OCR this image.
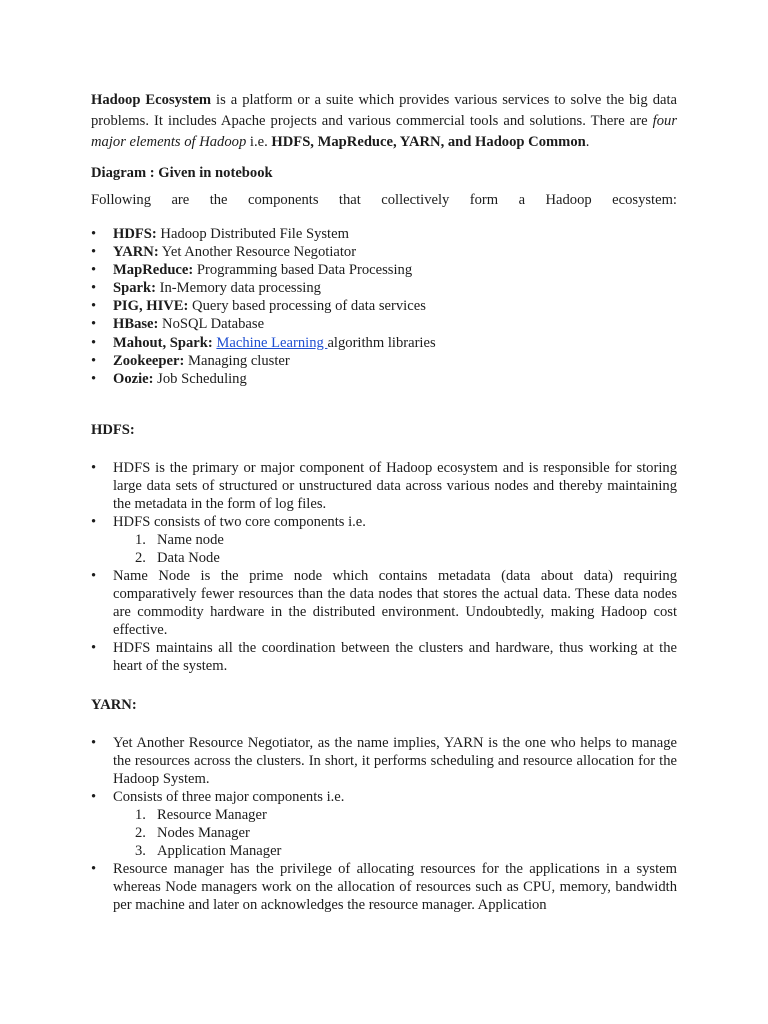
Hadoop Ecosystem is a platform or a suite which provides various services to solve the big data problems. It includes Apache projects and various commercial tools and solutions. There are four major elements of Hadoop i.e. HDFS, MapReduce, YARN, and Hadoop Common.

Diagram : Given in notebook

Following are the components that collectively form a Hadoop ecosystem:

• HDFS: Hadoop Distributed File System
• YARN: Yet Another Resource Negotiator
• MapReduce: Programming based Data Processing
• Spark: In-Memory data processing
• PIG, HIVE: Query based processing of data services
• HBase: NoSQL Database
• Mahout, Spark: Machine Learning algorithm libraries
• Zookeeper: Managing cluster
• Oozie: Job Scheduling

HDFS:

• HDFS is the primary or major component of Hadoop ecosystem and is responsible for storing large data sets of structured or unstructured data across various nodes and thereby maintaining the metadata in the form of log files.
• HDFS consists of two core components i.e.
1. Name node
2. Data Node
• Name Node is the prime node which contains metadata (data about data) requiring comparatively fewer resources than the data nodes that stores the actual data. These data nodes are commodity hardware in the distributed environment. Undoubtedly, making Hadoop cost effective.
• HDFS maintains all the coordination between the clusters and hardware, thus working at the heart of the system.

YARN:

• Yet Another Resource Negotiator, as the name implies, YARN is the one who helps to manage the resources across the clusters. In short, it performs scheduling and resource allocation for the Hadoop System.
• Consists of three major components i.e.
1. Resource Manager
2. Nodes Manager
3. Application Manager
• Resource manager has the privilege of allocating resources for the applications in a system whereas Node managers work on the allocation of resources such as CPU, memory, bandwidth per machine and later on acknowledges the resource manager. Application
